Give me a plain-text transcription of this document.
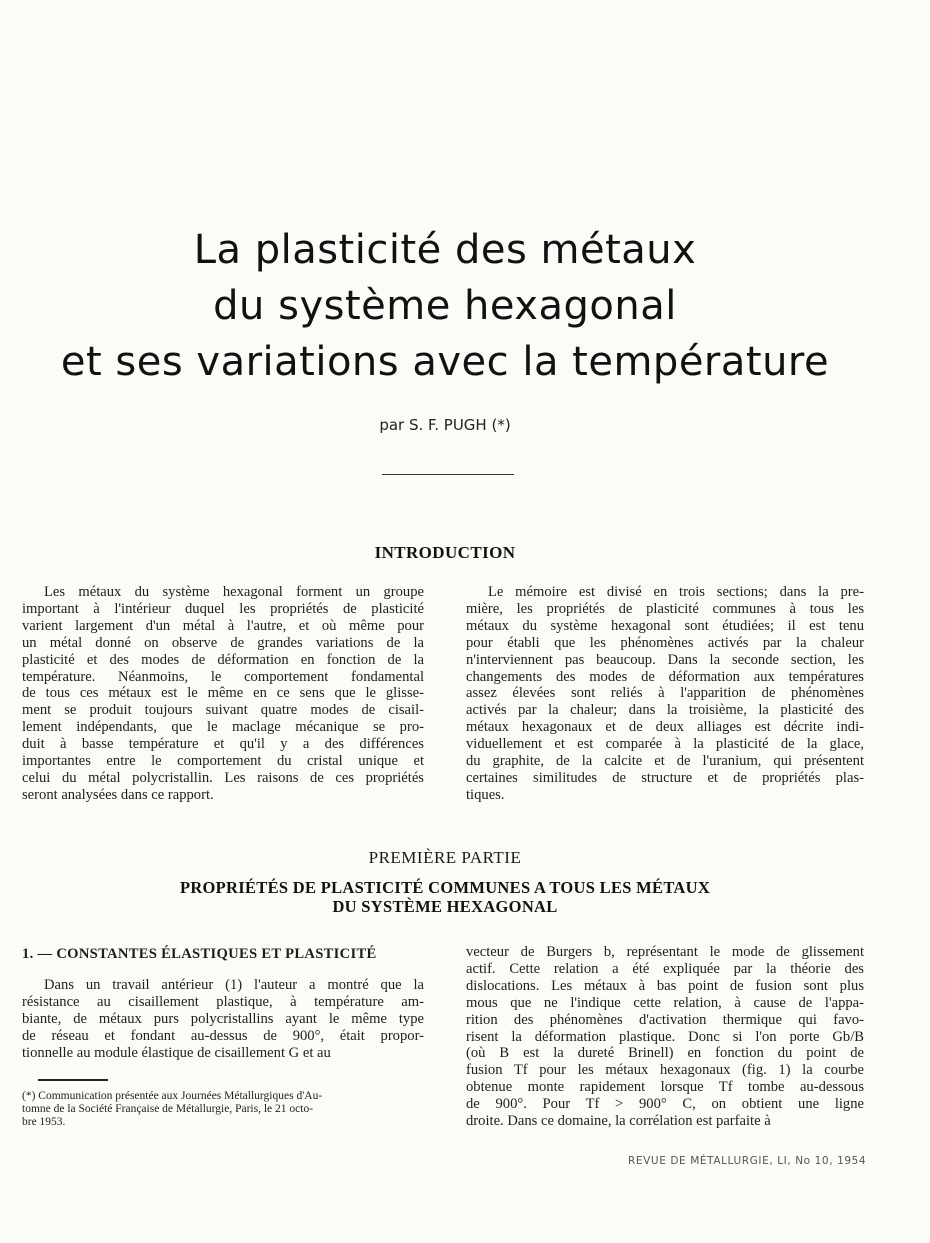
La plasticité des métaux
du système hexagonal
et ses variations avec la température
par S. F. PUGH (*)
INTRODUCTION
Les métaux du système hexagonal forment un groupe
important à l'intérieur duquel les propriétés de plasticité
varient largement d'un métal à l'autre, et où même pour
un métal donné on observe de grandes variations de la
plasticité et des modes de déformation en fonction de la
température. Néanmoins, le comportement fondamental
de tous ces métaux est le même en ce sens que le glisse-
ment se produit toujours suivant quatre modes de cisail-
lement indépendants, que le maclage mécanique se pro-
duit à basse température et qu'il y a des différences
importantes entre le comportement du cristal unique et
celui du métal polycristallin. Les raisons de ces propriétés
seront analysées dans ce rapport.
Le mémoire est divisé en trois sections; dans la pre-
mière, les propriétés de plasticité communes à tous les
métaux du système hexagonal sont étudiées; il est tenu
pour établi que les phénomènes activés par la chaleur
n'interviennent pas beaucoup. Dans la seconde section, les
changements des modes de déformation aux températures
assez élevées sont reliés à l'apparition de phénomènes
activés par la chaleur; dans la troisième, la plasticité des
métaux hexagonaux et de deux alliages est décrite indi-
viduellement et est comparée à la plasticité de la glace,
du graphite, de la calcite et de l'uranium, qui présentent
certaines similitudes de structure et de propriétés plas-
tiques.
PREMIÈRE PARTIE
PROPRIÉTÉS DE PLASTICITÉ COMMUNES A TOUS LES MÉTAUX
DU SYSTÈME HEXAGONAL
1. — CONSTANTES ÉLASTIQUES ET PLASTICITÉ
Dans un travail antérieur (1) l'auteur a montré que la
résistance au cisaillement plastique, à température am-
biante, de métaux purs polycristallins ayant le même type
de réseau et fondant au-dessus de 900°, était propor-
tionnelle au module élastique de cisaillement G et au
vecteur de Burgers b, représentant le mode de glissement
actif. Cette relation a été expliquée par la théorie des
dislocations. Les métaux à bas point de fusion sont plus
mous que ne l'indique cette relation, à cause de l'appa-
rition des phénomènes d'activation thermique qui favo-
risent la déformation plastique. Donc si l'on porte Gb/B
(où B est la dureté Brinell) en fonction du point de
fusion Tf pour les métaux hexagonaux (fig. 1) la courbe
obtenue monte rapidement lorsque Tf tombe au-dessous
de 900°. Pour Tf > 900° C, on obtient une ligne
droite. Dans ce domaine, la corrélation est parfaite à
(*) Communication présentée aux Journées Métallurgiques d'Au-
tomne de la Société Française de Métallurgie, Paris, le 21 octo-
bre 1953.
REVUE DE MÉTALLURGIE, LI, No 10, 1954
